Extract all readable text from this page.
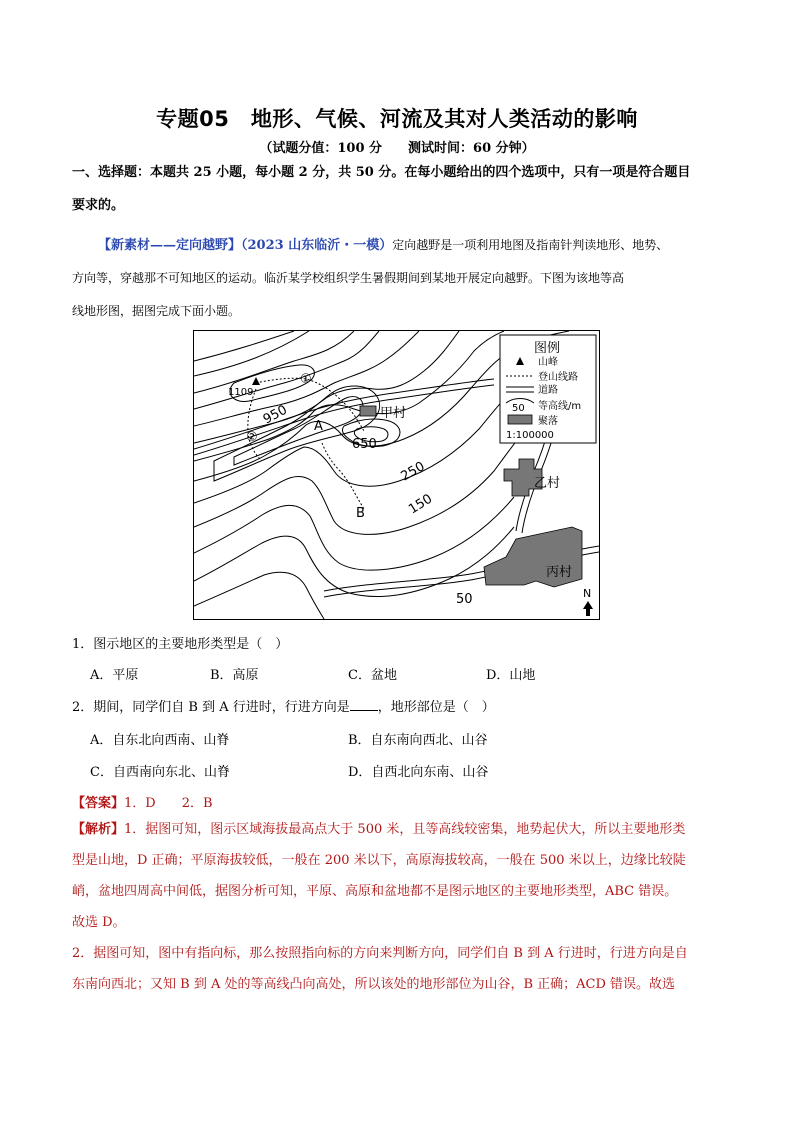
专题05　地形、气候、河流及其对人类活动的影响
（试题分值：100 分　　测试时间：60 分钟）
一、选择题：本题共 25 小题，每小题 2 分，共 50 分。在每小题给出的四个选项中，只有一项是符合题目
要求的。
【新素材——定向越野】（2023 山东临沂・一模）定向越野是一项利用地图及指南针判读地形、地势、
方向等，穿越那不可知地区的运动。临沂某学校组织学生暑假期间到某地开展定向越野。下图为该地等高
线地形图，据图完成下面小题。
图例
山峰
登山线路
道路
50 等高线/m
聚落
1:100000
1109
950
650
250
150
50
A
B
①
②
甲村
乙村
丙村
N
1．图示地区的主要地形类型是（　）
A．平原	B．高原	C．盆地	D．山地
2．期间，同学们自 B 到 A 行进时，行进方向是 ，地形部位是（　）
A．自东北向西南、山脊	B．自东南向西北、山谷
C．自西南向东北、山脊	D．自西北向东南、山谷
【答案】1．D　　2．B
【解析】1．据图可知，图示区域海拔最高点大于 500 米，且等高线较密集，地势起伏大，所以主要地形类
型是山地，D 正确；平原海拔较低，一般在 200 米以下，高原海拔较高，一般在 500 米以上，边缘比较陡
峭，盆地四周高中间低，据图分析可知，平原、高原和盆地都不是图示地区的主要地形类型，ABC 错误。
故选 D。
2．据图可知，图中有指向标，那么按照指向标的方向来判断方向，同学们自 B 到 A 行进时，行进方向是自
东南向西北；又知 B 到 A 处的等高线凸向高处，所以该处的地形部位为山谷，B 正确；ACD 错误。故选
